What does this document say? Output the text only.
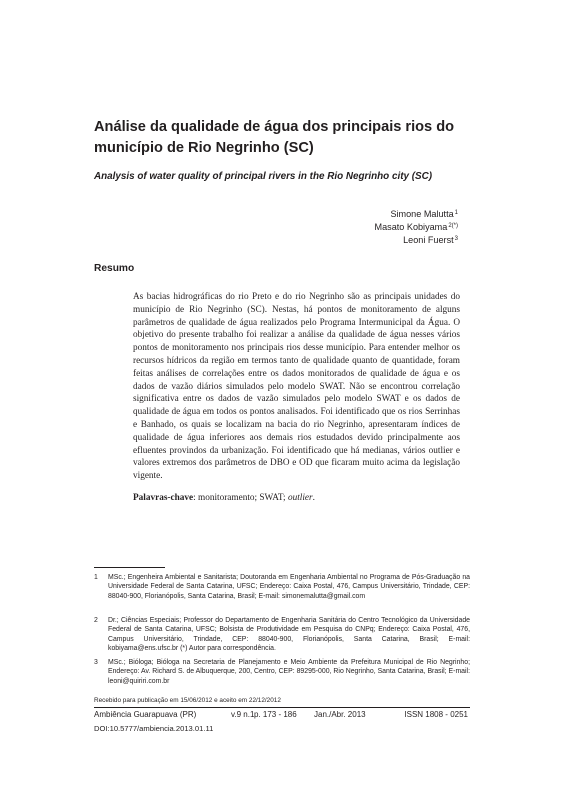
Análise da qualidade de água dos principais rios do município de Rio Negrinho (SC)
Analysis of water quality of principal rivers in the Rio Negrinho city (SC)
Simone Malutta$^1$
Masato Kobiyama$^{2(*)}$
Leoni Fuerst$^3$
Resumo

As bacias hidrográficas do rio Preto e do rio Negrinho são as principais unidades do município de Rio Negrinho (SC). Nestas, há pontos de monitoramento de alguns parâmetros de qualidade de água realizados pelo Programa Intermunicipal da Água. O objetivo do presente trabalho foi realizar a análise da qualidade de água nesses vários pontos de monitoramento nos principais rios desse município. Para entender melhor os recursos hídricos da região em termos tanto de qualidade quanto de quantidade, foram feitas análises de correlações entre os dados monitorados de qualidade de água e os dados de vazão diários simulados pelo modelo SWAT. Não se encontrou correlação significativa entre os dados de vazão simulados pelo modelo SWAT e os dados de qualidade de água em todos os pontos analisados. Foi identificado que os rios Serrinhas e Banhado, os quais se localizam na bacia do rio Negrinho, apresentaram índices de qualidade de água inferiores aos demais rios estudados devido principalmente aos efluentes provindos da urbanização. Foi identificado que há medianas, vários outlier e valores extremos dos parâmetros de DBO e OD que ficaram muito acima da legislação vigente.

Palavras-chave: monitoramento; SWAT; outlier.

1	MSc.; Engenheira Ambiental e Sanitarista; Doutoranda em Engenharia Ambiental no Programa de Pós-Graduação na Universidade Federal de Santa Catarina, UFSC; Endereço: Caixa Postal, 476, Campus Universitário, Trindade, CEP: 88040-900, Florianópolis, Santa Catarina, Brasil; E-mail: simonemalutta@gmail.com
2	Dr.; Ciências Especiais; Professor do Departamento de Engenharia Sanitária do Centro Tecnológico da Universidade Federal de Santa Catarina, UFSC; Bolsista de Produtividade em Pesquisa do CNPq; Endereço: Caixa Postal, 476, Campus Universitário, Trindade, CEP: 88040-900, Florianópolis, Santa Catarina, Brasil; E-mail: kobiyama@ens.ufsc.br (*) Autor para correspondência.
3	MSc.; Bióloga; Bióloga na Secretaria de Planejamento e Meio Ambiente da Prefeitura Municipal de Rio Negrinho; Endereço: Av. Richard S. de Albuquerque, 200, Centro, CEP: 89295-000, Rio Negrinho, Santa Catarina, Brasil; E-mail: leoni@quiriri.com.br
Recebido para publicação em 15/06/2012 e aceito em 22/12/2012
Ambiência Guarapuava (PR)	v.9 n.1 p. 173 - 186 Jan./Abr. 2013	ISSN 1808 - 0251
DOI:10.5777/ambiencia.2013.01.11
